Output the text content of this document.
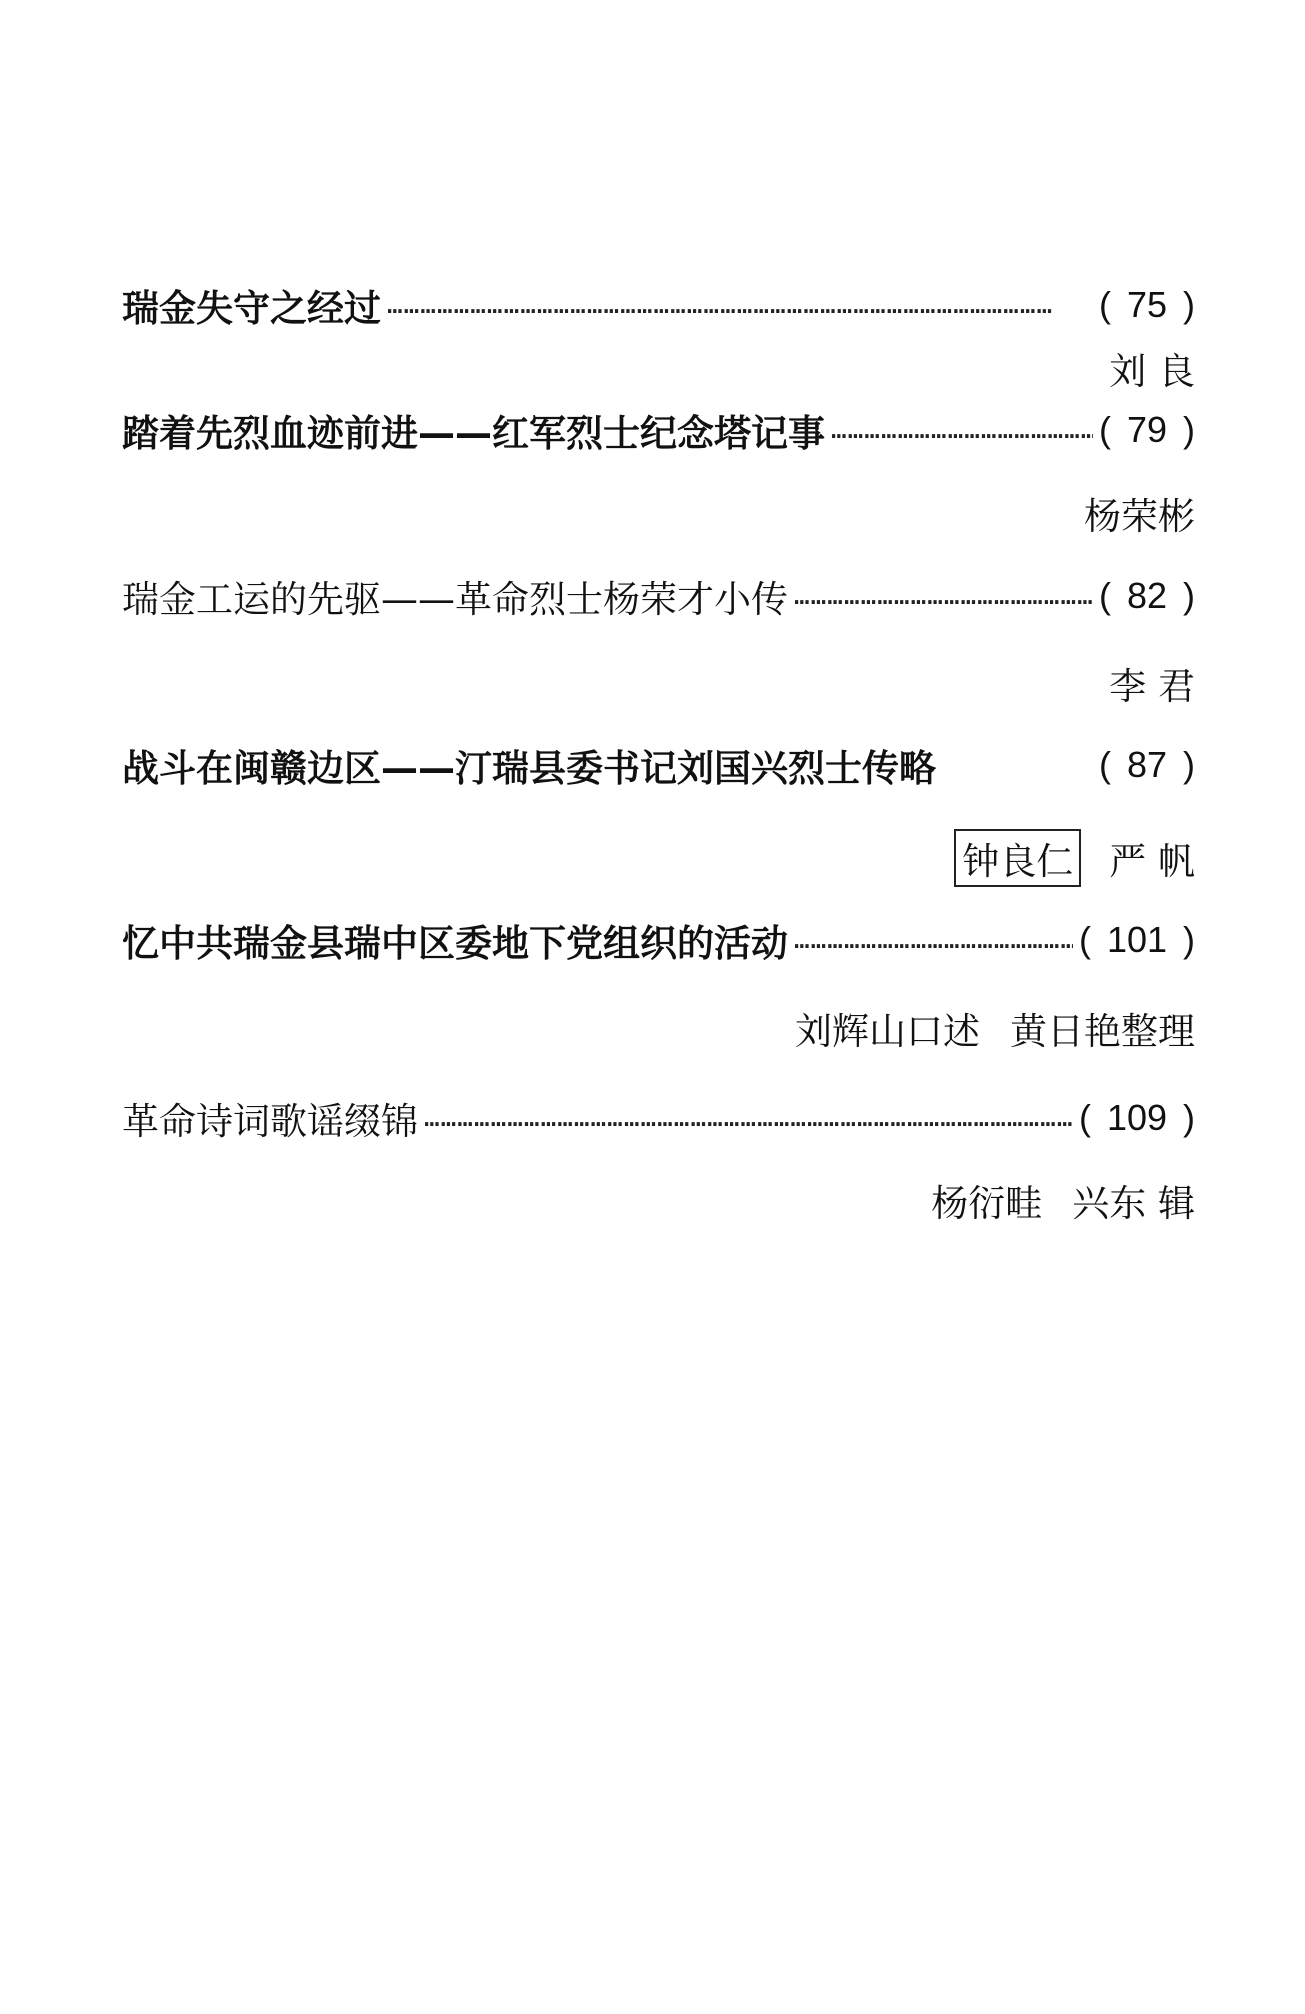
瑞金失守之经过 …………………………………………………………………………………………………………	( 75 )
刘 良
踏着先烈血迹前进——红军烈士纪念塔记事 …………………………………………………………………………………………………………	( 79 )
杨荣彬
瑞金工运的先驱——革命烈士杨荣才小传 …………………………………………………………………………………………………………	( 82 )
李 君
战斗在闽赣边区——汀瑞县委书记刘国兴烈士传略	( 87 )
钟良仁 严 帆
忆中共瑞金县瑞中区委地下党组织的活动 …………………………………………………………………………………………………………	( 101 )
刘辉山口述 黄日艳整理
革命诗词歌谣缀锦 …………………………………………………………………………………………………………	( 109 )
杨衍畦 兴东 辑
